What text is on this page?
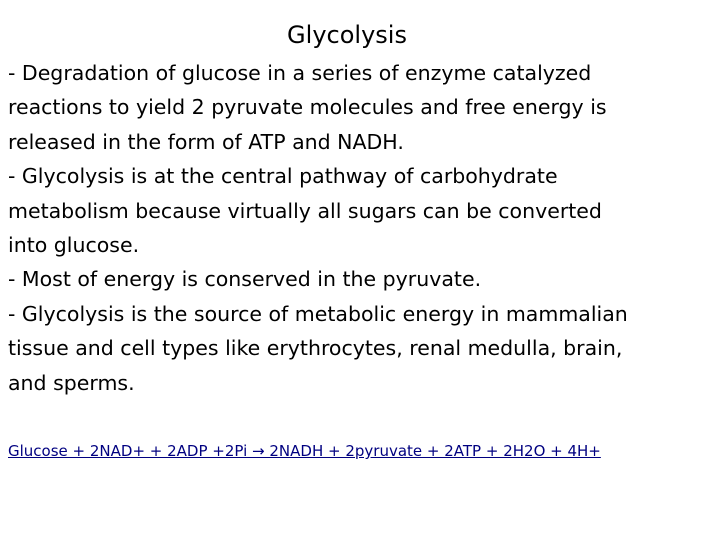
Glycolysis
- Degradation of glucose in a series of enzyme catalyzed
reactions to yield 2 pyruvate molecules and free energy is
released in the form of ATP and NADH.
- Glycolysis is at the central pathway of carbohydrate
metabolism because virtually all sugars can be converted
into glucose.
- Most of energy is conserved in the pyruvate.
- Glycolysis is the source of metabolic energy in mammalian
tissue and cell types like erythrocytes, renal medulla, brain,
and sperms.

Glucose + 2NAD+ + 2ADP +2Pi → 2NADH + 2pyruvate + 2ATP + 2H2O + 4H+
